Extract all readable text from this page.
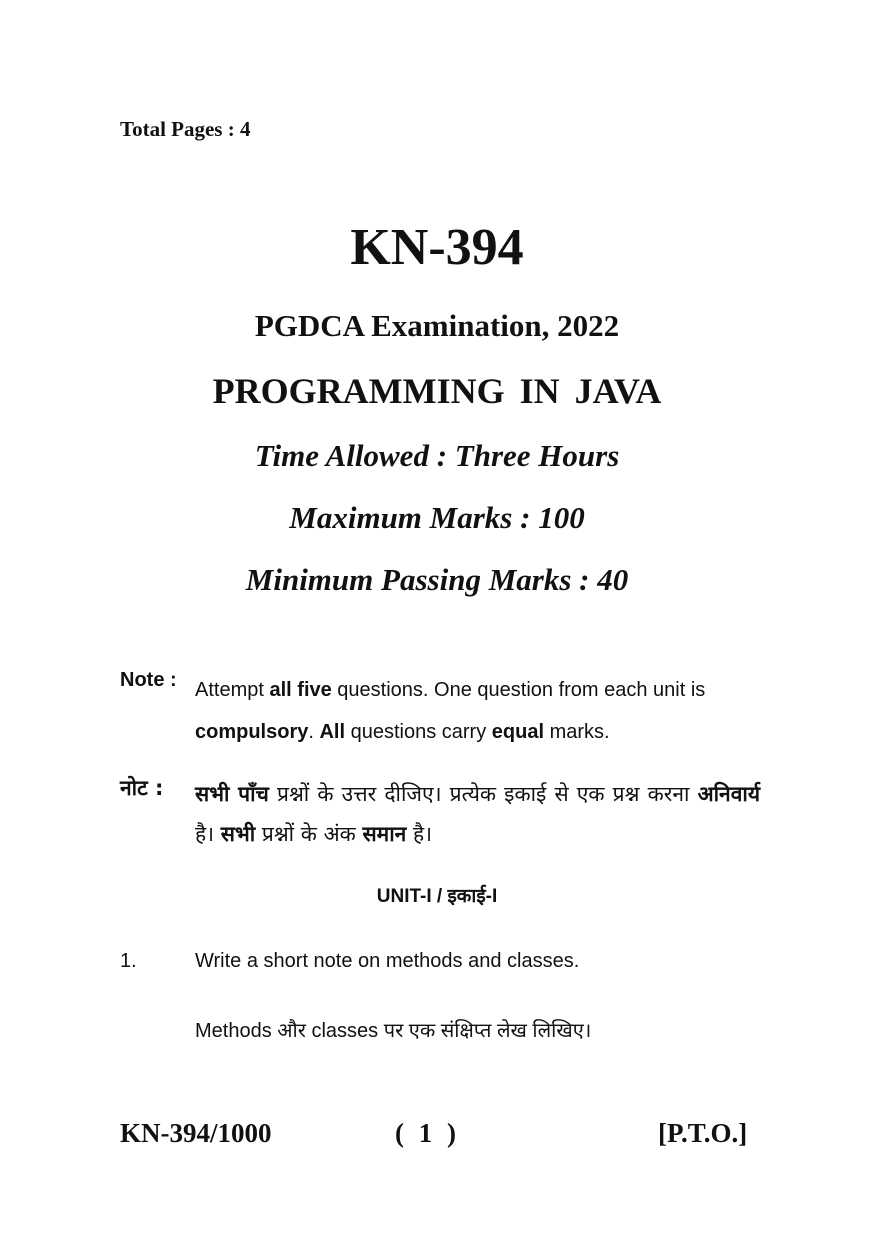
Total Pages : 4
KN-394
PGDCA Examination, 2022
PROGRAMMING IN JAVA
Time Allowed : Three Hours
Maximum Marks : 100
Minimum Passing Marks : 40
Note : Attempt all five questions. One question from each unit is compulsory. All questions carry equal marks.
नोट : सभी पाँच प्रश्नों के उत्तर दीजिए। प्रत्येक इकाई से एक प्रश्न करना अनिवार्य है। सभी प्रश्नों के अंक समान है।
UNIT-I / इकाई-I
1.	Write a short note on methods and classes.
Methods और classes पर एक संक्षिप्त लेख लिखिए।
KN-394/1000	( 1 )	[P.T.O.]
